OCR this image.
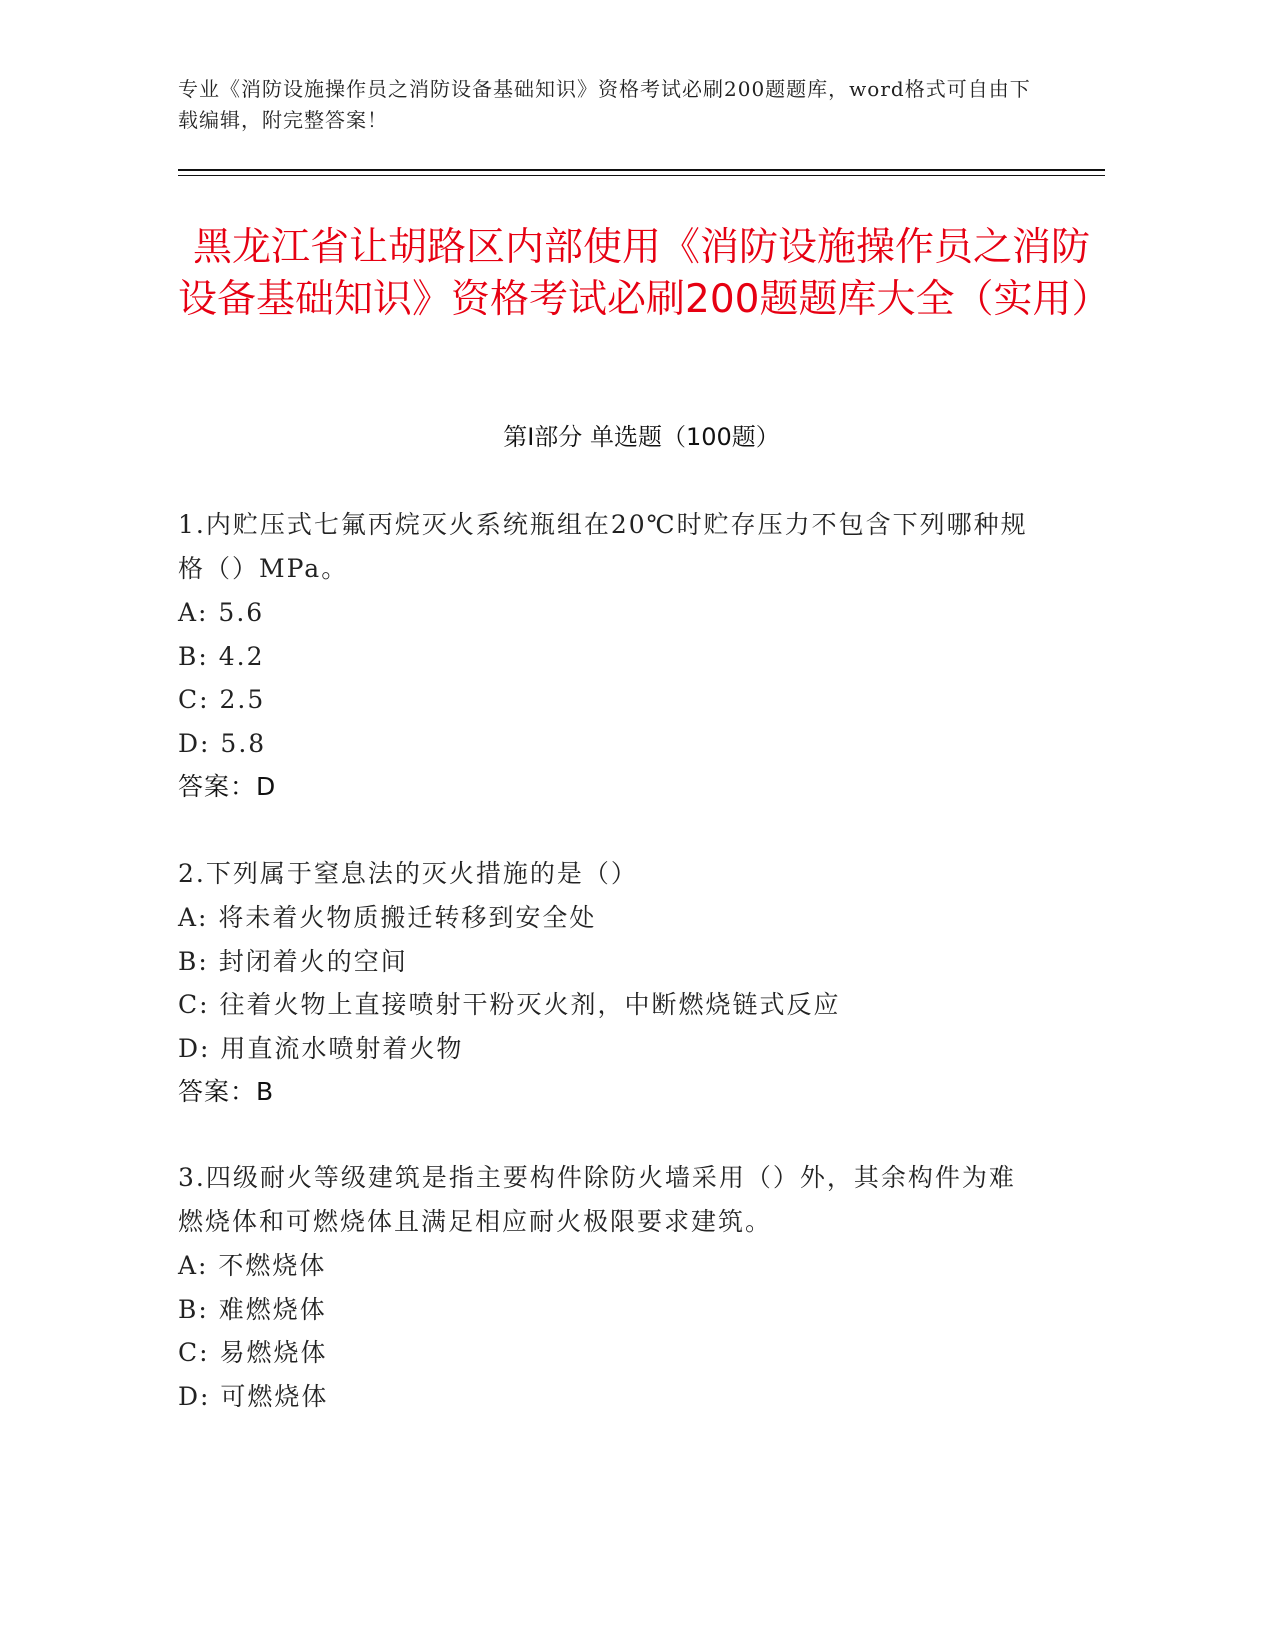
专业《消防设施操作员之消防设备基础知识》资格考试必刷200题题库，word格式可自由下载编辑，附完整答案！
黑龙江省让胡路区内部使用《消防设施操作员之消防设备基础知识》资格考试必刷200题题库大全（实用）
第Ⅰ部分 单选题（100题）

1.内贮压式七氟丙烷灭火系统瓶组在20℃时贮存压力不包含下列哪种规格（）MPa。

A: 5.6

B: 4.2

C: 2.5

D: 5.8

答案：D

2.下列属于窒息法的灭火措施的是（）

A: 将未着火物质搬迁转移到安全处

B: 封闭着火的空间

C: 往着火物上直接喷射干粉灭火剂，中断燃烧链式反应

D: 用直流水喷射着火物

答案：B

3.四级耐火等级建筑是指主要构件除防火墙采用（）外，其余构件为难燃烧体和可燃烧体且满足相应耐火极限要求建筑。

A: 不燃烧体

B: 难燃烧体

C: 易燃烧体

D: 可燃烧体
